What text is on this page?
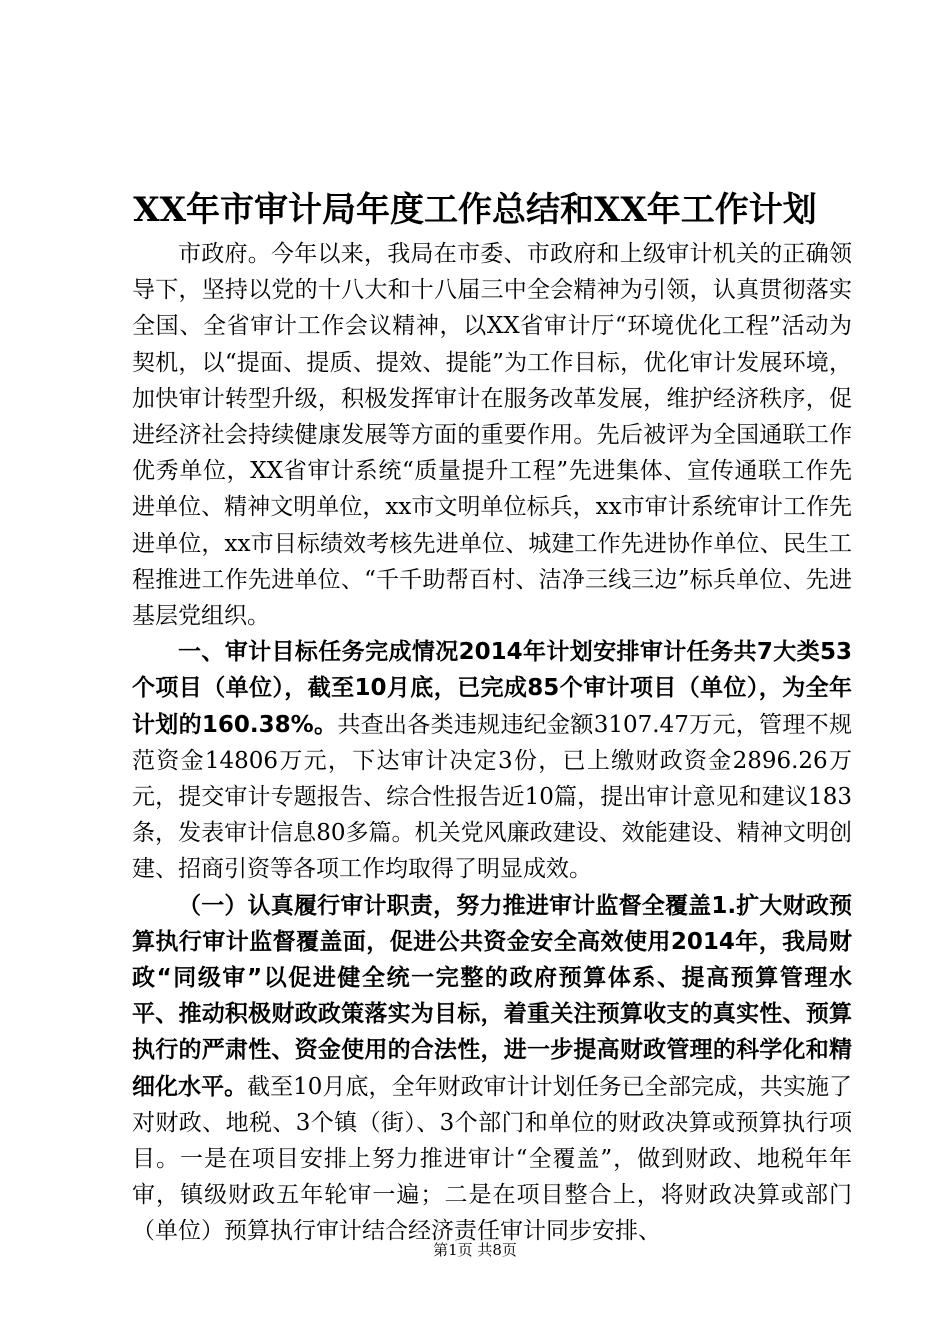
XX年市审计局年度工作总结和XX年工作计划

市政府。今年以来，我局在市委、市政府和上级审计机关的正确领导下，坚持以党的十八大和十八届三中全会精神为引领，认真贯彻落实全国、全省审计工作会议精神，以XX省审计厅“环境优化工程”活动为契机，以“提面、提质、提效、提能”为工作目标，优化审计发展环境，加快审计转型升级，积极发挥审计在服务改革发展，维护经济秩序，促进经济社会持续健康发展等方面的重要作用。先后被评为全国通联工作优秀单位，XX省审计系统“质量提升工程”先进集体、宣传通联工作先进单位、精神文明单位，xx市文明单位标兵，xx市审计系统审计工作先进单位，xx市目标绩效考核先进单位、城建工作先进协作单位、民生工程推进工作先进单位、“千千助帮百村、洁净三线三边”标兵单位、先进基层党组织。

一、审计目标任务完成情况2014年计划安排审计任务共7大类53个项目（单位），截至10月底，已完成85个审计项目（单位），为全年计划的160.38%。共查出各类违规违纪金额3107.47万元，管理不规范资金14806万元，下达审计决定3份，已上缴财政资金2896.26万元，提交审计专题报告、综合性报告近10篇，提出审计意见和建议183条，发表审计信息80多篇。机关党风廉政建设、效能建设、精神文明创建、招商引资等各项工作均取得了明显成效。

（一）认真履行审计职责，努力推进审计监督全覆盖1.扩大财政预算执行审计监督覆盖面，促进公共资金安全高效使用2014年，我局财政“同级审”以促进健全统一完整的政府预算体系、提高预算管理水平、推动积极财政政策落实为目标，着重关注预算收支的真实性、预算执行的严肃性、资金使用的合法性，进一步提高财政管理的科学化和精细化水平。截至10月底，全年财政审计计划任务已全部完成，共实施了对财政、地税、3个镇（街）、3个部门和单位的财政决算或预算执行项目。一是在项目安排上努力推进审计“全覆盖”，做到财政、地税年年审，镇级财政五年轮审一遍；二是在项目整合上，将财政决算或部门（单位）预算执行审计结合经济责任审计同步安排、

第1页 共8页
